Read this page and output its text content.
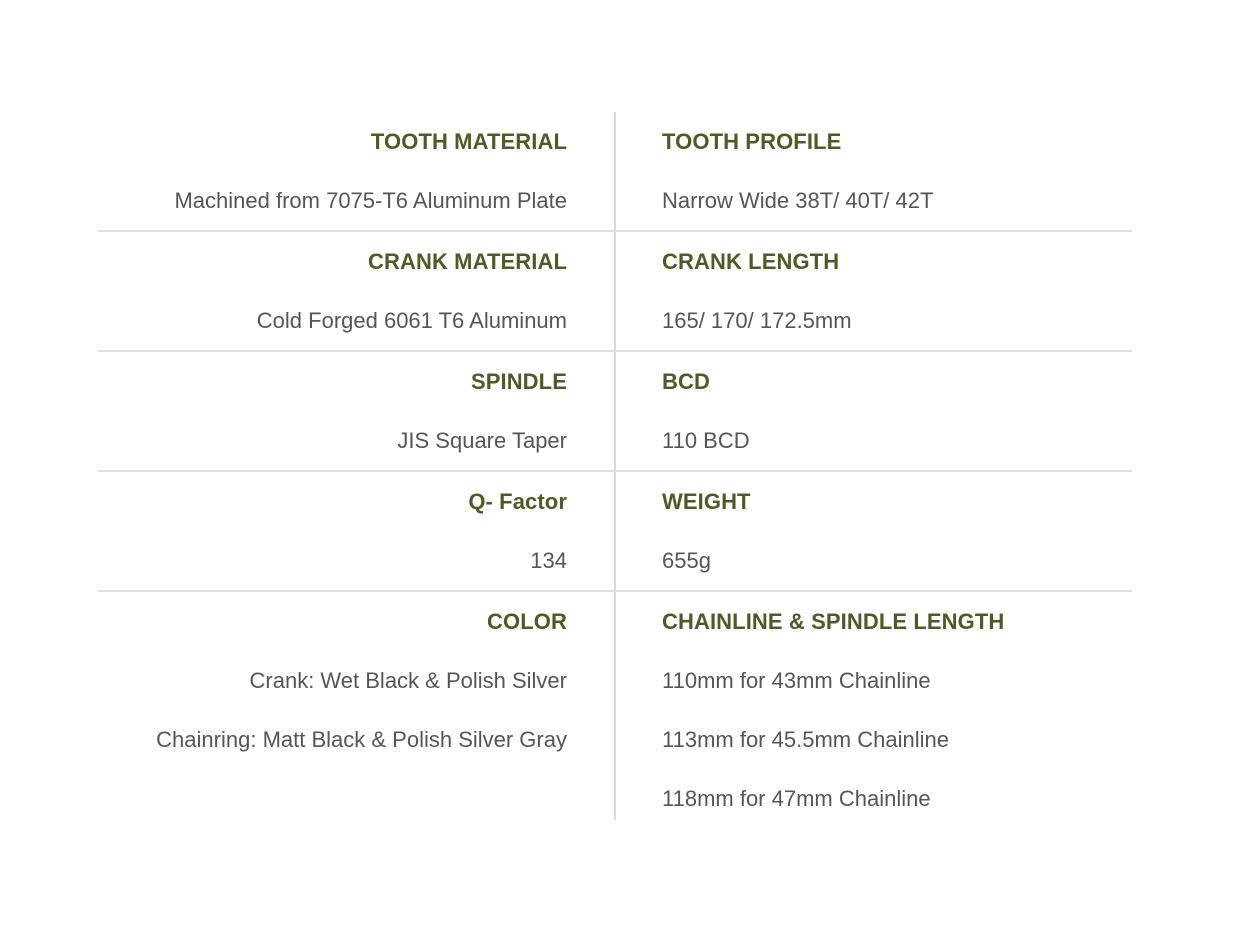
TOOTH MATERIAL
Machined from 7075-T6 Aluminum Plate
TOOTH PROFILE
Narrow Wide 38T/ 40T/ 42T
CRANK MATERIAL
Cold Forged 6061 T6 Aluminum
CRANK LENGTH
165/ 170/ 172.5mm
SPINDLE
JIS Square Taper
BCD
110 BCD
Q- Factor
134
WEIGHT
655g
COLOR
Crank: Wet Black & Polish Silver
Chainring: Matt Black & Polish Silver Gray
CHAINLINE & SPINDLE LENGTH
110mm for 43mm Chainline
113mm for 45.5mm Chainline
118mm for 47mm Chainline
